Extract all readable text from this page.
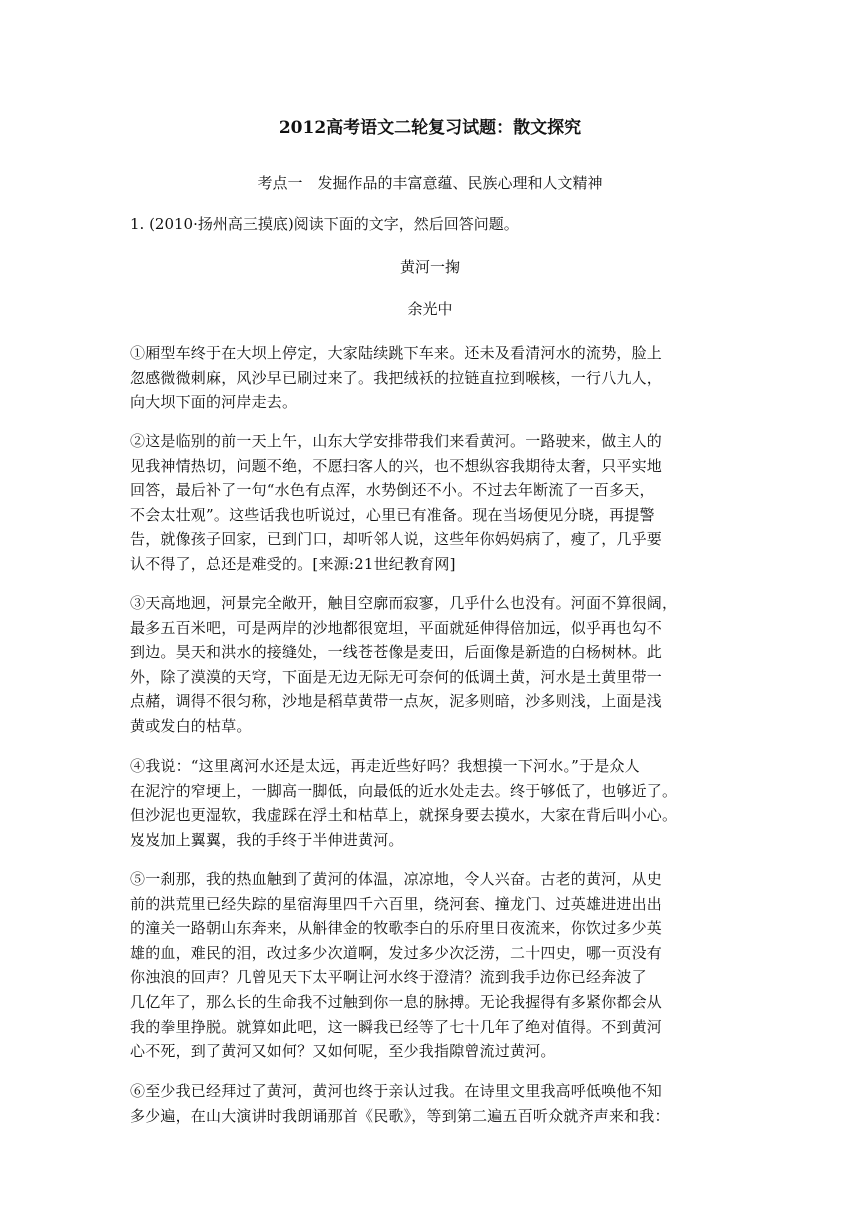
2012高考语文二轮复习试题：散文探究
考点一　发掘作品的丰富意蕴、民族心理和人文精神
1. (2010·扬州高三摸底)阅读下面的文字，然后回答问题。
黄河一掬
余光中
①厢型车终于在大坝上停定，大家陆续跳下车来。还未及看清河水的流势，脸上
忽感微微刺麻，风沙早已刷过来了。我把绒袄的拉链直拉到喉核，一行八九人，
向大坝下面的河岸走去。
②这是临别的前一天上午，山东大学安排带我们来看黄河。一路驶来，做主人的
见我神情热切，问题不绝，不愿扫客人的兴，也不想纵容我期待太奢，只平实地
回答，最后补了一句“水色有点浑，水势倒还不小。不过去年断流了一百多天，
不会太壮观”。这些话我也听说过，心里已有准备。现在当场便见分晓，再提警
告，就像孩子回家，已到门口，却听邻人说，这些年你妈妈病了，瘦了，几乎要
认不得了，总还是难受的。[来源:21世纪教育网]
③天高地迥，河景完全敞开，触目空廓而寂寥，几乎什么也没有。河面不算很阔，
最多五百米吧，可是两岸的沙地都很宽坦，平面就延伸得倍加远，似乎再也勾不
到边。昊天和洪水的接缝处，一线苍苍像是麦田，后面像是新造的白杨树林。此
外，除了漠漠的天穹，下面是无边无际无可奈何的低调土黄，河水是土黄里带一
点赭，调得不很匀称，沙地是稻草黄带一点灰，泥多则暗，沙多则浅，上面是浅
黄或发白的枯草。
④我说：“这里离河水还是太远，再走近些好吗？我想摸一下河水。”于是众人
在泥泞的窄埂上，一脚高一脚低，向最低的近水处走去。终于够低了，也够近了。
但沙泥也更湿软，我虚踩在浮土和枯草上，就探身要去摸水，大家在背后叫小心。
岌岌加上翼翼，我的手终于半伸进黄河。
⑤一刹那，我的热血触到了黄河的体温，凉凉地，令人兴奋。古老的黄河，从史
前的洪荒里已经失踪的星宿海里四千六百里，绕河套、撞龙门、过英雄进进出出
的潼关一路朝山东奔来，从斛律金的牧歌李白的乐府里日夜流来，你饮过多少英
雄的血，难民的泪，改过多少次道啊，发过多少次泛涝，二十四史，哪一页没有
你浊浪的回声？几曾见天下太平啊让河水终于澄清？流到我手边你已经奔波了
几亿年了，那么长的生命我不过触到你一息的脉搏。无论我握得有多紧你都会从
我的拳里挣脱。就算如此吧，这一瞬我已经等了七十几年了绝对值得。不到黄河
心不死，到了黄河又如何？又如何呢，至少我指隙曾流过黄河。
⑥至少我已经拜过了黄河，黄河也终于亲认过我。在诗里文里我高呼低唤他不知
多少遍，在山大演讲时我朗诵那首《民歌》，等到第二遍五百听众就齐声来和我：
